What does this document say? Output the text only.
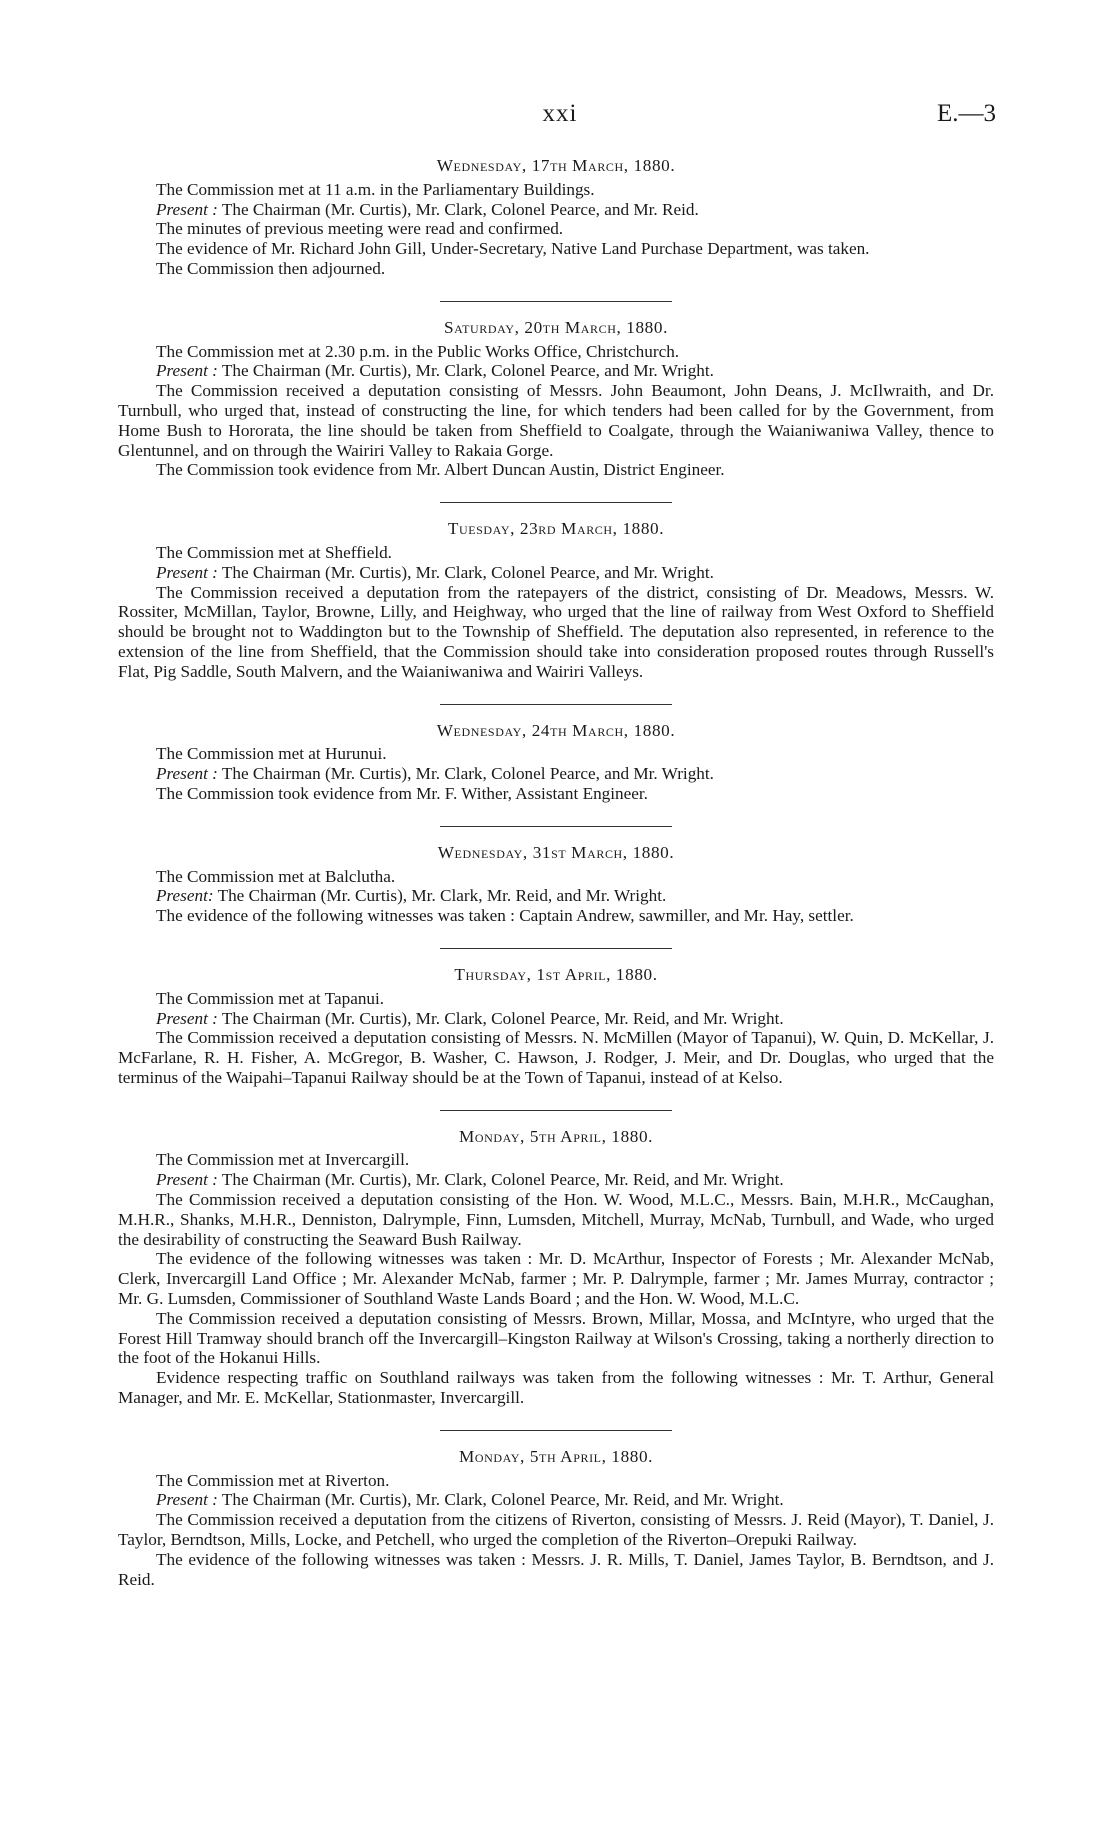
xxi	E.—3
Wednesday, 17th March, 1880.
The Commission met at 11 a.m. in the Parliamentary Buildings.
Present : The Chairman (Mr. Curtis), Mr. Clark, Colonel Pearce, and Mr. Reid.
The minutes of previous meeting were read and confirmed.
The evidence of Mr. Richard John Gill, Under-Secretary, Native Land Purchase Department, was taken.
The Commission then adjourned.
Saturday, 20th March, 1880.
The Commission met at 2.30 p.m. in the Public Works Office, Christchurch.
Present : The Chairman (Mr. Curtis), Mr. Clark, Colonel Pearce, and Mr. Wright.
The Commission received a deputation consisting of Messrs. John Beaumont, John Deans, J. McIlwraith, and Dr. Turnbull, who urged that, instead of constructing the line, for which tenders had been called for by the Government, from Home Bush to Hororata, the line should be taken from Sheffield to Coalgate, through the Waianiwaniwa Valley, thence to Glentunnel, and on through the Wairiri Valley to Rakaia Gorge.
The Commission took evidence from Mr. Albert Duncan Austin, District Engineer.
Tuesday, 23rd March, 1880.
The Commission met at Sheffield.
Present : The Chairman (Mr. Curtis), Mr. Clark, Colonel Pearce, and Mr. Wright.
The Commission received a deputation from the ratepayers of the district, consisting of Dr. Meadows, Messrs. W. Rossiter, McMillan, Taylor, Browne, Lilly, and Heighway, who urged that the line of railway from West Oxford to Sheffield should be brought not to Waddington but to the Township of Sheffield. The deputation also represented, in reference to the extension of the line from Sheffield, that the Commission should take into consideration proposed routes through Russell's Flat, Pig Saddle, South Malvern, and the Waianiwaniwa and Wairiri Valleys.
Wednesday, 24th March, 1880.
The Commission met at Hurunui.
Present : The Chairman (Mr. Curtis), Mr. Clark, Colonel Pearce, and Mr. Wright.
The Commission took evidence from Mr. F. Wither, Assistant Engineer.
Wednesday, 31st March, 1880.
The Commission met at Balclutha.
Present: The Chairman (Mr. Curtis), Mr. Clark, Mr. Reid, and Mr. Wright.
The evidence of the following witnesses was taken : Captain Andrew, sawmiller, and Mr. Hay, settler.
Thursday, 1st April, 1880.
The Commission met at Tapanui.
Present : The Chairman (Mr. Curtis), Mr. Clark, Colonel Pearce, Mr. Reid, and Mr. Wright.
The Commission received a deputation consisting of Messrs. N. McMillen (Mayor of Tapanui), W. Quin, D. McKellar, J. McFarlane, R. H. Fisher, A. McGregor, B. Washer, C. Hawson, J. Rodger, J. Meir, and Dr. Douglas, who urged that the terminus of the Waipahi–Tapanui Railway should be at the Town of Tapanui, instead of at Kelso.
Monday, 5th April, 1880.
The Commission met at Invercargill.
Present : The Chairman (Mr. Curtis), Mr. Clark, Colonel Pearce, Mr. Reid, and Mr. Wright.
The Commission received a deputation consisting of the Hon. W. Wood, M.L.C., Messrs. Bain, M.H.R., McCaughan, M.H.R., Shanks, M.H.R., Denniston, Dalrymple, Finn, Lumsden, Mitchell, Murray, McNab, Turnbull, and Wade, who urged the desirability of constructing the Seaward Bush Railway.
The evidence of the following witnesses was taken : Mr. D. McArthur, Inspector of Forests ; Mr. Alexander McNab, Clerk, Invercargill Land Office ; Mr. Alexander McNab, farmer ; Mr. P. Dalrymple, farmer ; Mr. James Murray, contractor ; Mr. G. Lumsden, Commissioner of Southland Waste Lands Board ; and the Hon. W. Wood, M.L.C.
The Commission received a deputation consisting of Messrs. Brown, Millar, Mossa, and McIntyre, who urged that the Forest Hill Tramway should branch off the Invercargill–Kingston Railway at Wilson's Crossing, taking a northerly direction to the foot of the Hokanui Hills.
Evidence respecting traffic on Southland railways was taken from the following witnesses : Mr. T. Arthur, General Manager, and Mr. E. McKellar, Stationmaster, Invercargill.
Monday, 5th April, 1880.
The Commission met at Riverton.
Present : The Chairman (Mr. Curtis), Mr. Clark, Colonel Pearce, Mr. Reid, and Mr. Wright.
The Commission received a deputation from the citizens of Riverton, consisting of Messrs. J. Reid (Mayor), T. Daniel, J. Taylor, Berndtson, Mills, Locke, and Petchell, who urged the completion of the Riverton–Orepuki Railway.
The evidence of the following witnesses was taken : Messrs. J. R. Mills, T. Daniel, James Taylor, B. Berndtson, and J. Reid.
